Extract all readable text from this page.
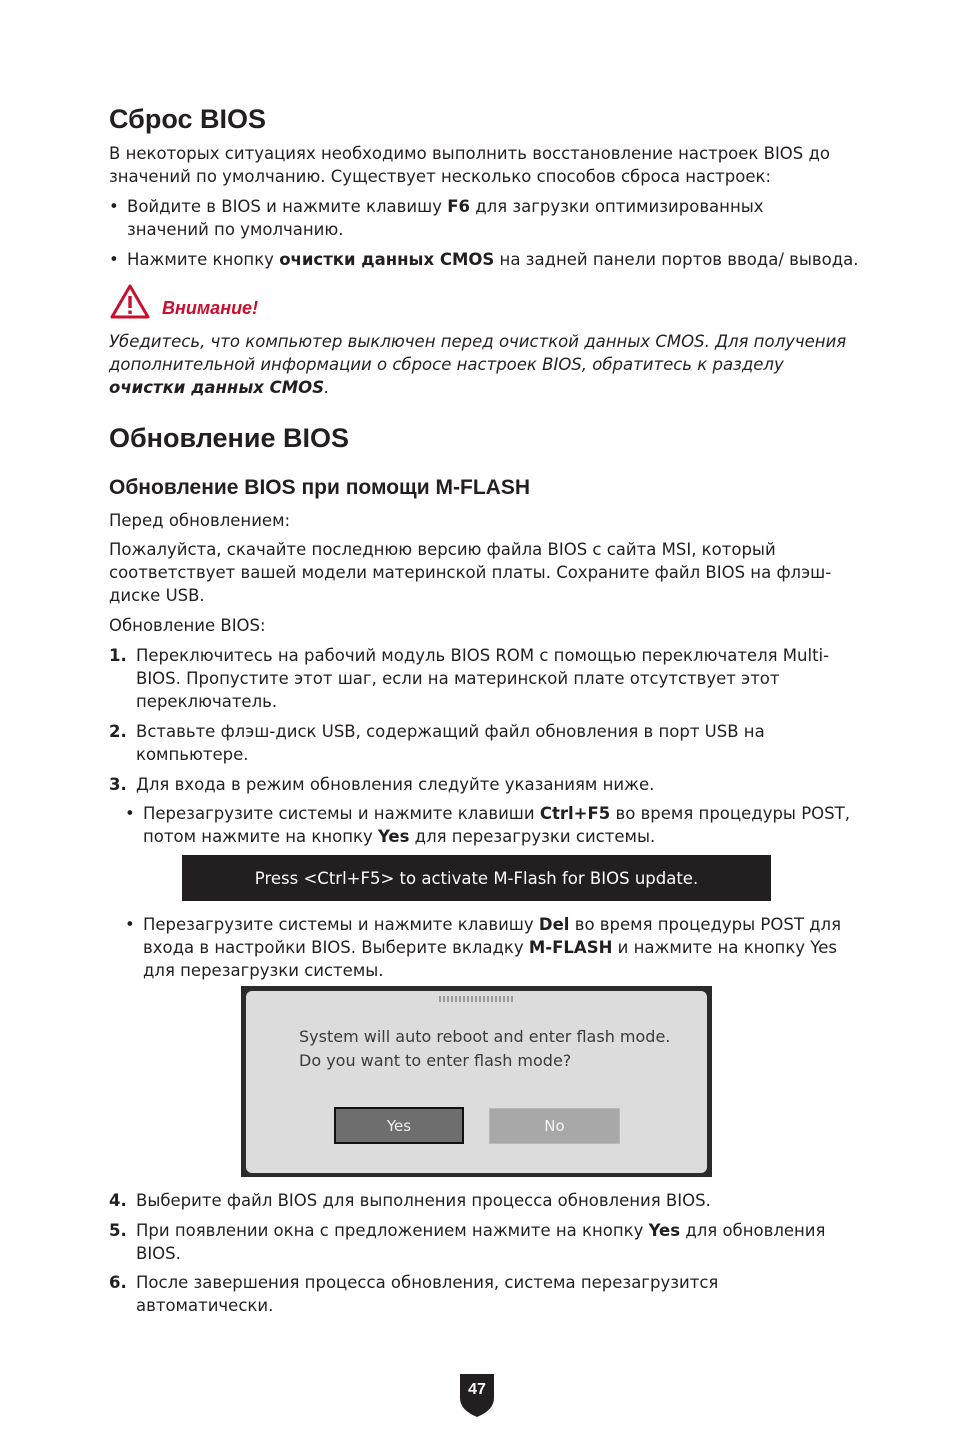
Сброс BIOS

В некоторых ситуациях необходимо выполнить восстановление настроек BIOS до значений по умолчанию. Существует несколько способов сброса настроек:

• Войдите в BIOS и нажмите клавишу F6 для загрузки оптимизированных значений по умолчанию.
• Нажмите кнопку очистки данных CMOS на задней панели портов ввода/ вывода.
Внимание!
Убедитесь, что компьютер выключен перед очисткой данных CMOS. Для получения дополнительной информации о сбросе настроек BIOS, обратитесь к разделу очистки данных CMOS.
Обновление BIOS
Обновление BIOS при помощи M-FLASH

Перед обновлением:

Пожалуйста, скачайте последнюю версию файла BIOS с сайта MSI, который соответствует вашей модели материнской платы. Сохраните файл BIOS на флэш-диске USB.

Обновление BIOS:

1. Переключитесь на рабочий модуль BIOS ROM с помощью переключателя Multi-BIOS. Пропустите этот шаг, если на материнской плате отсутствует этот переключатель.
2. Вставьте флэш-диск USB, содержащий файл обновления в порт USB на компьютере.
3. Для входа в режим обновления следуйте указаниям ниже.
• Перезагрузите системы и нажмите клавиши Ctrl+F5 во время процедуры POST, потом нажмите на кнопку Yes для перезагрузки системы.
Press <Ctrl+F5> to activate M-Flash for BIOS update.
• Перезагрузите системы и нажмите клавишу Del во время процедуры POST для входа в настройки BIOS. Выберите вкладку M-FLASH и нажмите на кнопку Yes для перезагрузки системы.
System will auto reboot and enter flash mode.
Do you want to enter flash mode?
Yes	No
4. Выберите файл BIOS для выполнения процесса обновления BIOS.
5. При появлении окна с предложением нажмите на кнопку Yes для обновления BIOS.
6. После завершения процесса обновления, система перезагрузится автоматически.
47
